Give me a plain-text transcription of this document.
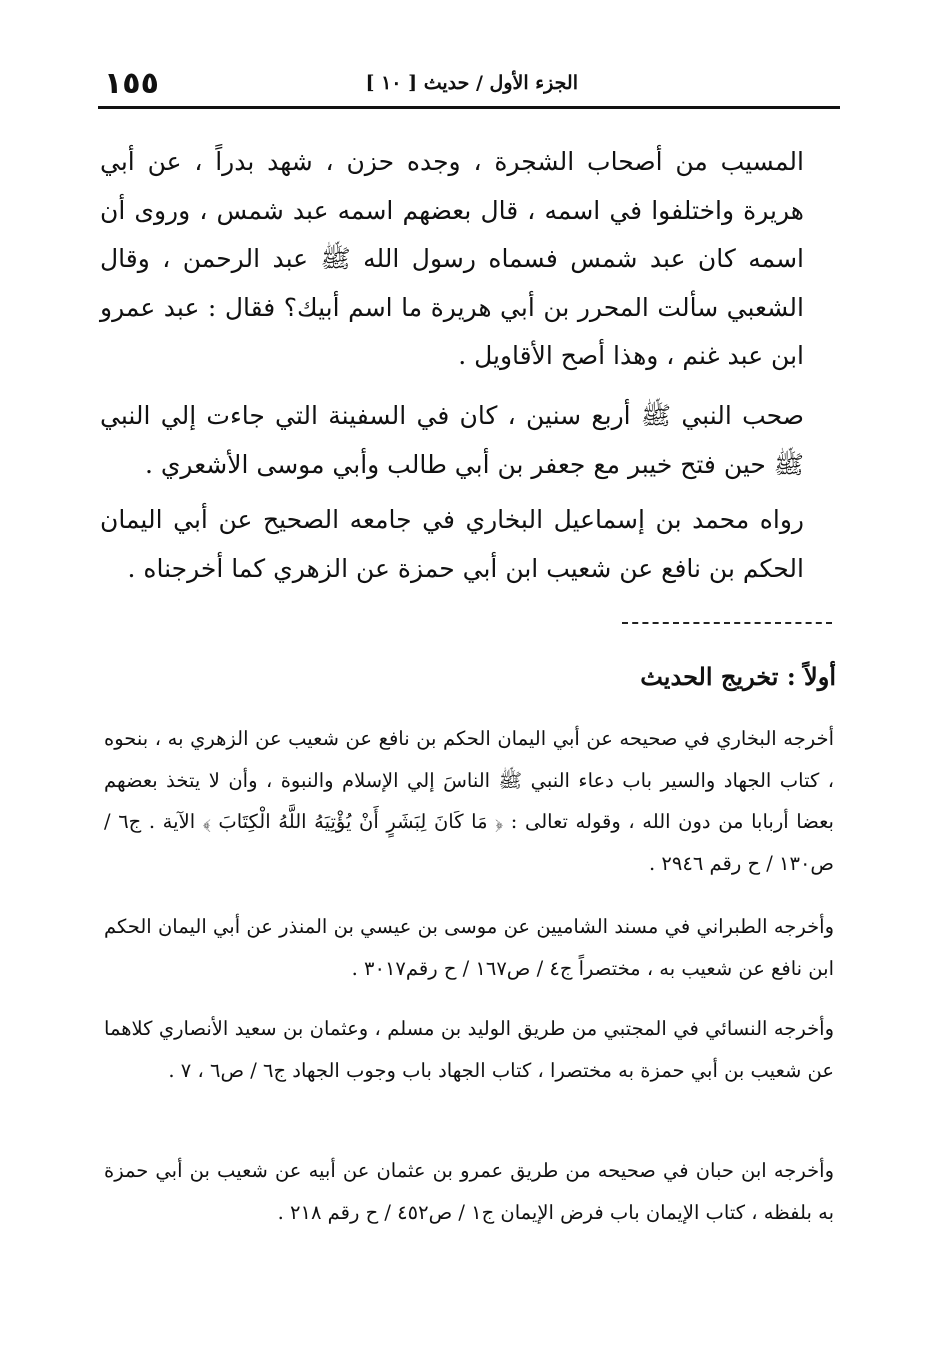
١٥٥	الجزء الأول / حديث [ ١٠ ]

المسيب من أصحاب الشجرة ، وجده حزن ، شهد بدراً ، عن أبي هريرة واختلفوا في اسمه ، قال بعضهم اسمه عبد شمس ، وروى أن اسمه كان عبد شمس فسماه رسول الله ﷺ عبد الرحمن ، وقال الشعبي سألت المحرر بن أبي هريرة ما اسم أبيك؟ فقال : عبد عمرو ابن عبد غنم ، وهذا أصح الأقاويل .

صحب النبي ﷺ أربع سنين ، كان في السفينة التي جاءت إلي النبي ﷺ حين فتح خيبر مع جعفر بن أبي طالب وأبي موسى الأشعري .

رواه محمد بن إسماعيل البخاري في جامعه الصحيح عن أبي اليمان الحكم بن نافع عن شعيب ابن أبي حمزة عن الزهري كما أخرجناه .

أولاً : تخريج الحديث

أخرجه البخاري في صحيحه عن أبي اليمان الحكم بن نافع عن شعيب عن الزهري به ، بنحوه ، كتاب الجهاد والسير باب دعاء النبي ﷺ الناسَ إلي الإسلام والنبوة ، وأن لا يتخذ بعضهم بعضا أربابا من دون الله ، وقوله تعالى : ﴿ مَا كَانَ لِبَشَرٍ أَنْ يُؤْتِيَهُ اللَّهُ الْكِتَابَ ﴾ الآية . ج٦ / ص١٣٠ / ح رقم ٢٩٤٦ .

وأخرجه الطبراني في مسند الشاميين عن موسى بن عيسي بن المنذر عن أبي اليمان الحكم ابن نافع عن شعيب به ، مختصراً ج٤ / ص١٦٧ / ح رقم٣٠١٧ .

وأخرجه النسائي في المجتبي من طريق الوليد بن مسلم ، وعثمان بن سعيد الأنصاري كلاهما عن شعيب بن أبي حمزة به مختصرا ، كتاب الجهاد باب وجوب الجهاد ج٦ / ص٦ ، ٧ .

وأخرجه ابن حبان في صحيحه من طريق عمرو بن عثمان عن أبيه عن شعيب بن أبي حمزة به بلفظه ، كتاب الإيمان باب فرض الإيمان ج١ / ص٤٥٢ / ح رقم ٢١٨ .
